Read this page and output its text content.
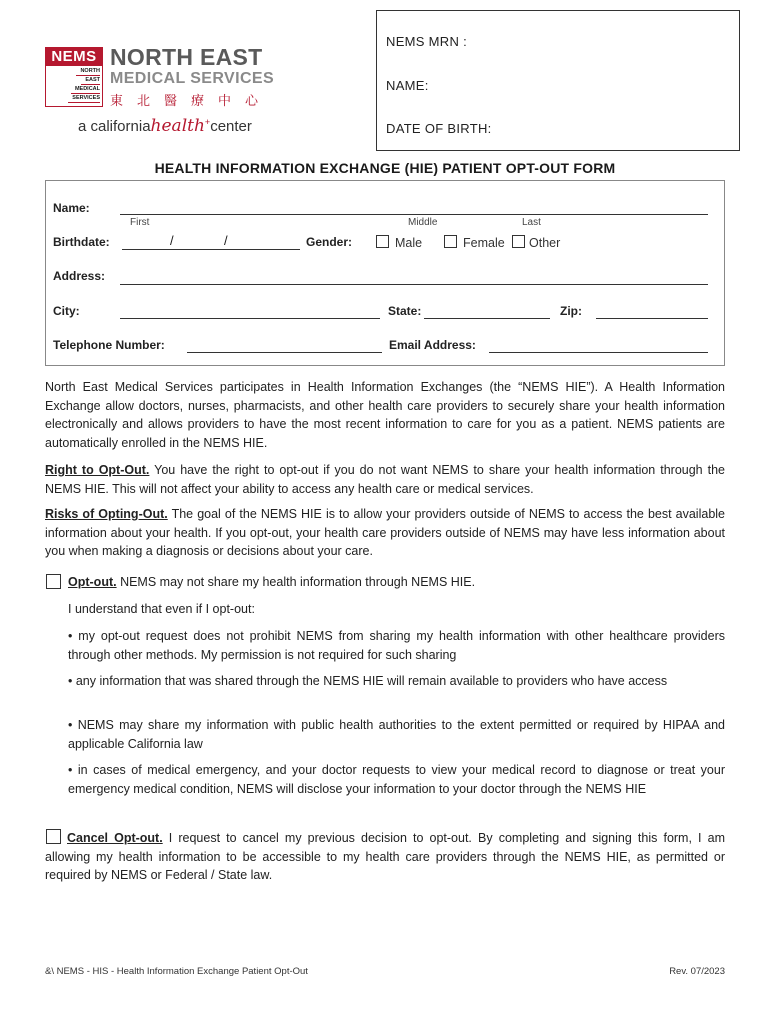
NEMS
NORTH
EAST
MEDICAL
SERVICES
NORTH EAST
MEDICAL SERVICES
東北醫療中心
a californiahealth+center
NEMS MRN :
NAME:
DATE OF BIRTH:
HEALTH INFORMATION EXCHANGE (HIE) PATIENT OPT-OUT FORM
Name:
First	Middle	Last
Birthdate:	/	/	Gender:	Male	Female	Other
Address:
City:	State:	Zip:
Telephone Number:	Email Address:
North East Medical Services participates in Health Information Exchanges (the “NEMS HIE”). A Health Information Exchange allow doctors, nurses, pharmacists, and other health care providers to securely share your health information electronically and allows providers to have the most recent information to care for you as a patient. NEMS patients are automatically enrolled in the NEMS HIE.
Right to Opt-Out. You have the right to opt-out if you do not want NEMS to share your health information through the NEMS HIE. This will not affect your ability to access any health care or medical services.
Risks of Opting-Out. The goal of the NEMS HIE is to allow your providers outside of NEMS to access the best available information about your health. If you opt-out, your health care providers outside of NEMS may have less information about you when making a diagnosis or decisions about your care.
Opt-out. NEMS may not share my health information through NEMS HIE.
I understand that even if I opt-out:
• my opt-out request does not prohibit NEMS from sharing my health information with other healthcare providers through other methods. My permission is not required for such sharing
• any information that was shared through the NEMS HIE will remain available to providers who have access
• NEMS may share my information with public health authorities to the extent permitted or required by HIPAA and applicable California law
• in cases of medical emergency, and your doctor requests to view your medical record to diagnose or treat your emergency medical condition, NEMS will disclose your information to your doctor through the NEMS HIE
Cancel Opt-out. I request to cancel my previous decision to opt-out. By completing and signing this form, I am allowing my health information to be accessible to my health care providers through the NEMS HIE, as permitted or required by NEMS or Federal / State law.
&\ NEMS - HIS - Health Information Exchange Patient Opt-Out	Rev. 07/2023
